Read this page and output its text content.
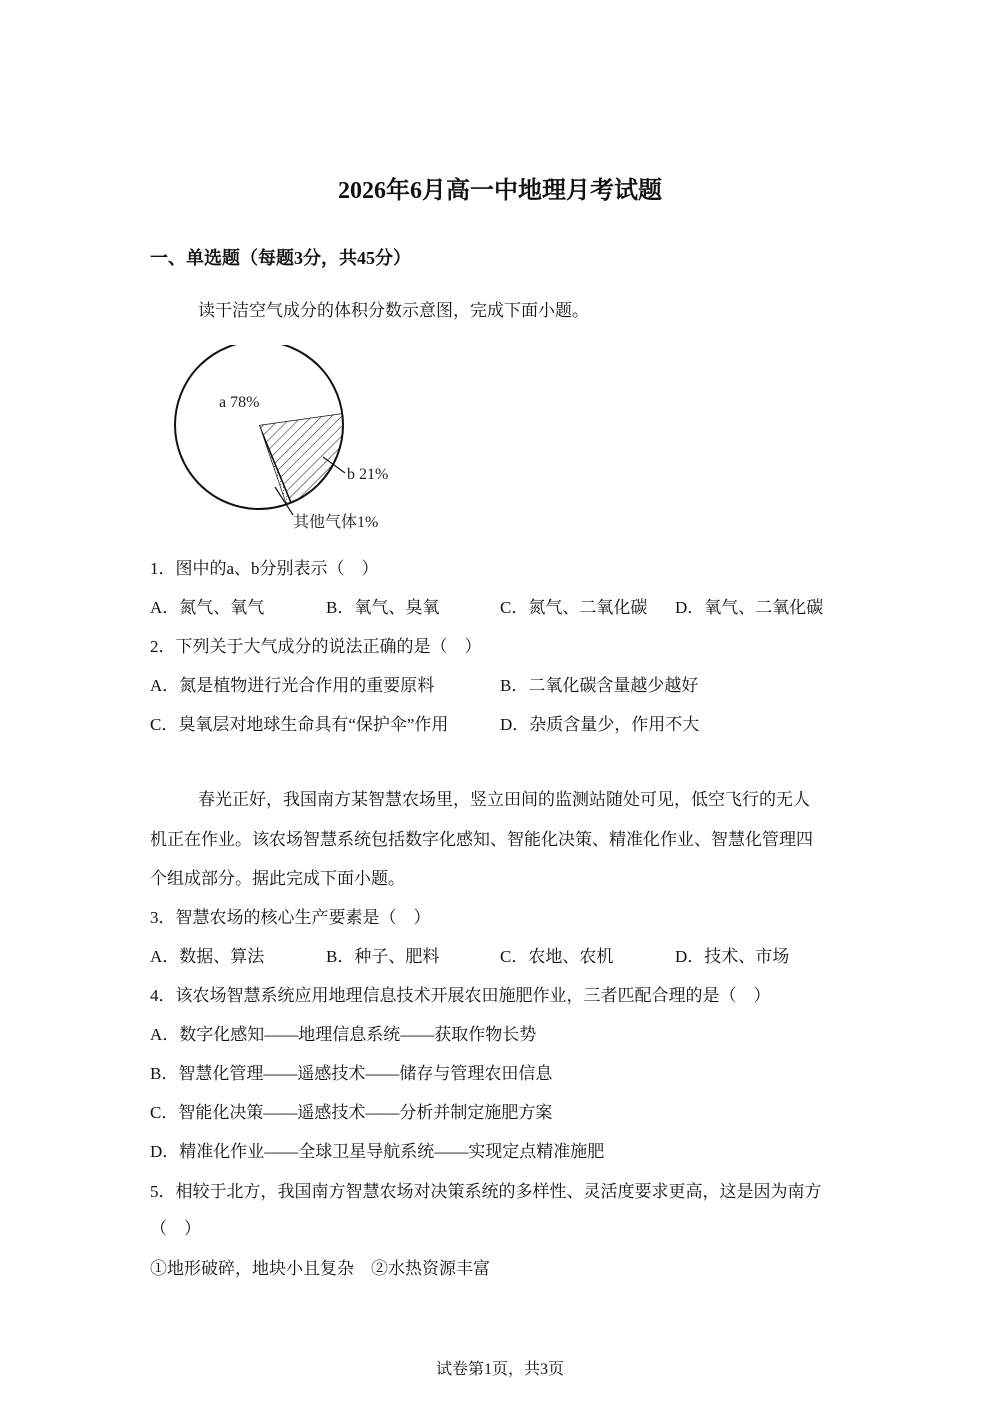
2026年6月高一中地理月考试题
一、单选题（每题3分，共45分）
读干洁空气成分的体积分数示意图，完成下面小题。
a 78%
b 21%
其他气体1%
1．图中的a、b分别表示（　）
A．氮气、氧气	B．氧气、臭氧	C．氮气、二氧化碳 D．氧气、二氧化碳
2．下列关于大气成分的说法正确的是（　）
A．氮是植物进行光合作用的重要原料	B．二氧化碳含量越少越好
C．臭氧层对地球生命具有“保护伞”作用	D．杂质含量少，作用不大
春光正好，我国南方某智慧农场里，竖立田间的监测站随处可见，低空飞行的无人
机正在作业。该农场智慧系统包括数字化感知、智能化决策、精准化作业、智慧化管理四
个组成部分。据此完成下面小题。
3．智慧农场的核心生产要素是（　）
A．数据、算法	B．种子、肥料	C．农地、农机	D．技术、市场
4．该农场智慧系统应用地理信息技术开展农田施肥作业，三者匹配合理的是（　）
A．数字化感知——地理信息系统——获取作物长势
B．智慧化管理——遥感技术——储存与管理农田信息
C．智能化决策——遥感技术——分析并制定施肥方案
D．精准化作业——全球卫星导航系统——实现定点精准施肥
5．相较于北方，我国南方智慧农场对决策系统的多样性、灵活度要求更高，这是因为南方
（　）
①地形破碎，地块小且复杂　②水热资源丰富
试卷第1页，共3页
